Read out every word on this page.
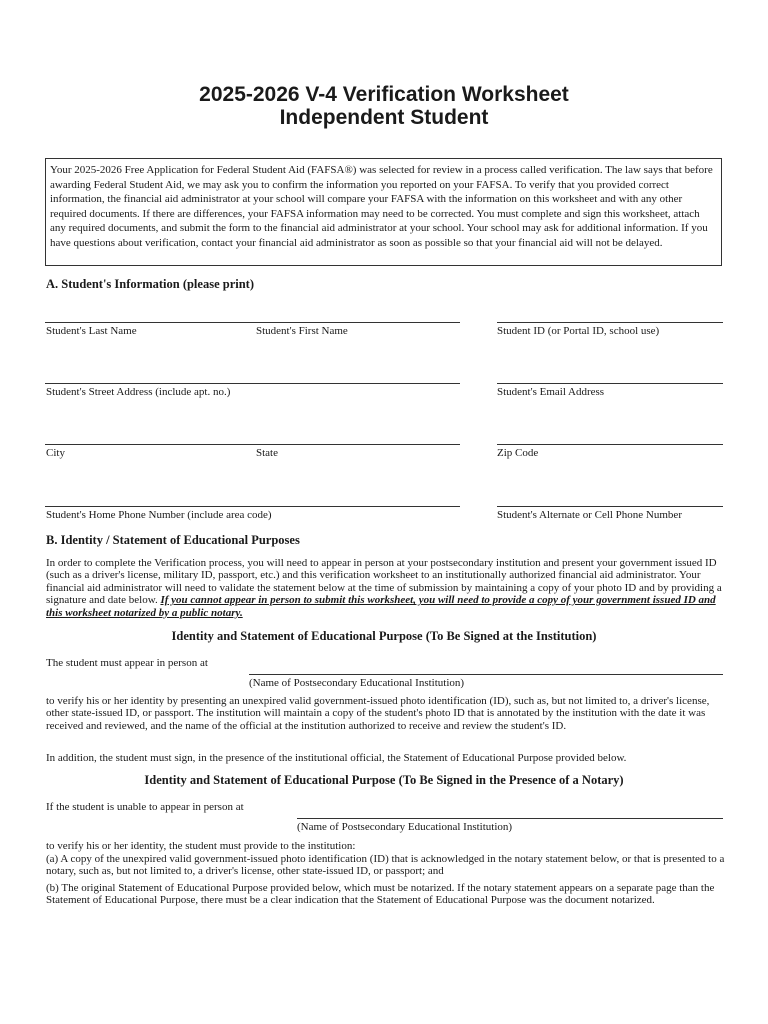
2025-2026 V-4 Verification Worksheet
Independent Student
Your 2025-2026 Free Application for Federal Student Aid (FAFSA®) was selected for review in a process called verification. The law says that before awarding Federal Student Aid, we may ask you to confirm the information you reported on your FAFSA. To verify that you provided correct information, the financial aid administrator at your school will compare your FAFSA with the information on this worksheet and with any other required documents. If there are differences, your FAFSA information may need to be corrected. You must complete and sign this worksheet, attach any required documents, and submit the form to the financial aid administrator at your school. Your school may ask for additional information. If you have questions about verification, contact your financial aid administrator as soon as possible so that your financial aid will not be delayed.
A. Student's Information (please print)
Student's Last Name	Student's First Name	Student ID (or Portal ID, school use)
Student's Street Address (include apt. no.)	Student's Email Address
City	State	Zip Code
Student's Home Phone Number (include area code)	Student's Alternate or Cell Phone Number
B. Identity / Statement of Educational Purposes
In order to complete the Verification process, you will need to appear in person at your postsecondary institution and present your government issued ID (such as a driver's license, military ID, passport, etc.) and this verification worksheet to an institutionally authorized financial aid administrator. Your financial aid administrator will need to validate the statement below at the time of submission by maintaining a copy of your photo ID and by providing a signature and date below. If you cannot appear in person to submit this worksheet, you will need to provide a copy of your government issued ID and this worksheet notarized by a public notary.
Identity and Statement of Educational Purpose (To Be Signed at the Institution)
The student must appear in person at
(Name of Postsecondary Educational Institution)
to verify his or her identity by presenting an unexpired valid government-issued photo identification (ID), such as, but not limited to, a driver's license, other state-issued ID, or passport. The institution will maintain a copy of the student's photo ID that is annotated by the institution with the date it was received and reviewed, and the name of the official at the institution authorized to receive and review the student's ID.
In addition, the student must sign, in the presence of the institutional official, the Statement of Educational Purpose provided below.
Identity and Statement of Educational Purpose (To Be Signed in the Presence of a Notary)
If the student is unable to appear in person at
(Name of Postsecondary Educational Institution)
to verify his or her identity, the student must provide to the institution:
(a) A copy of the unexpired valid government-issued photo identification (ID) that is acknowledged in the notary statement below, or that is presented to a notary, such as, but not limited to, a driver's license, other state-issued ID, or passport; and
(b) The original Statement of Educational Purpose provided below, which must be notarized. If the notary statement appears on a separate page than the Statement of Educational Purpose, there must be a clear indication that the Statement of Educational Purpose was the document notarized.
